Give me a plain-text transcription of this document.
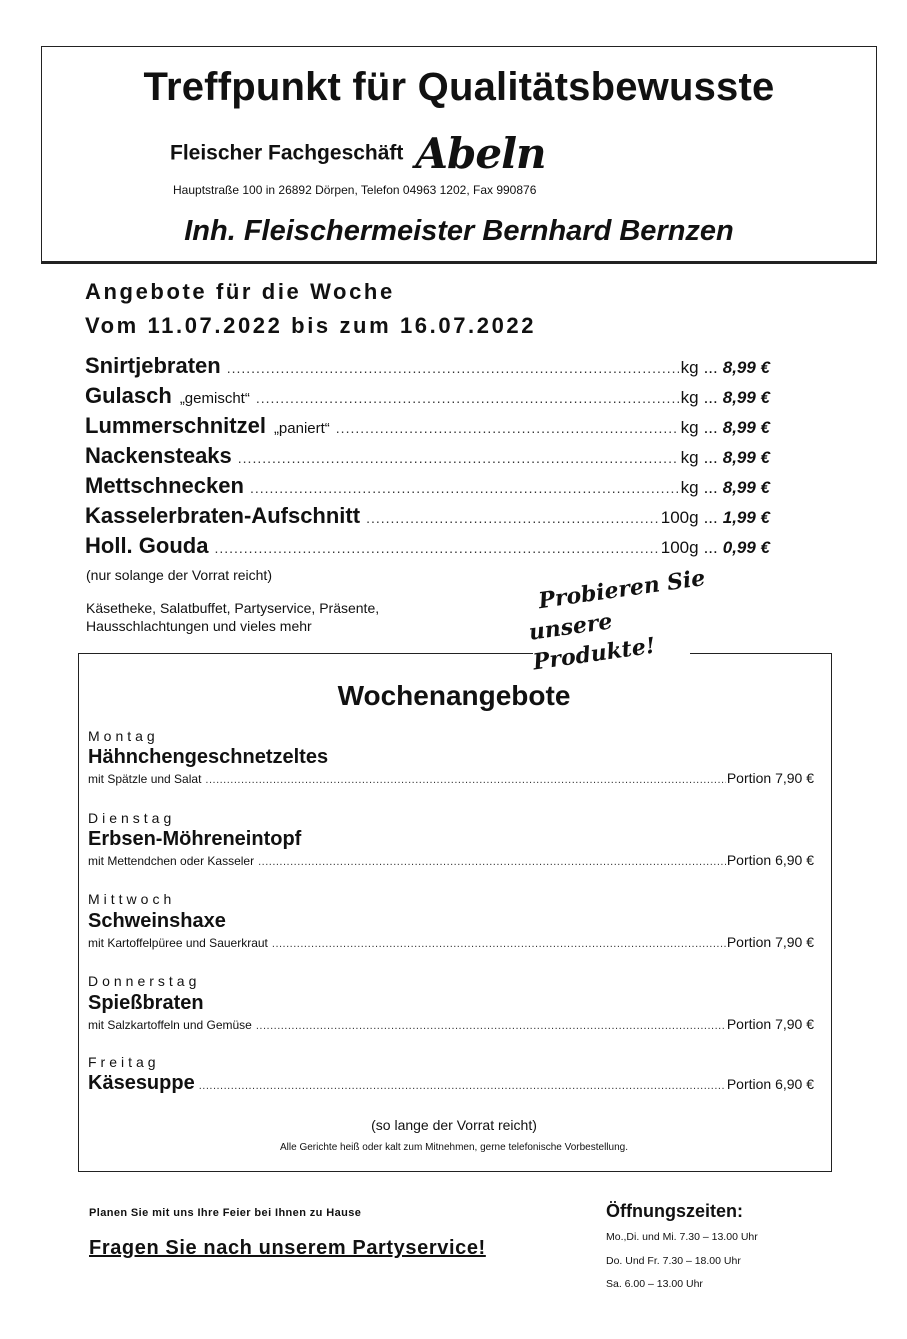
Treffpunkt für Qualitätsbewusste
Fleischer Fachgeschäft Abeln
Hauptstraße 100 in 26892 Dörpen, Telefon 04963 1202, Fax 990876
Inh. Fleischermeister Bernhard Bernzen
Angebote für die Woche
Vom 11.07.2022 bis zum 16.07.2022
Snirtjebraten .....	kg ... 8,99 €
Gulasch „gemischt“ .....	kg ... 8,99 €
Lummerschnitzel „paniert“ .....	kg ... 8,99 €
Nackensteaks .....	kg ... 8,99 €
Mettschnecken .....	kg ... 8,99 €
Kasselerbraten-Aufschnitt .....	100g ... 1,99 €
Holl. Gouda .....	100g ... 0,99 €
(nur solange der Vorrat reicht)
Käsetheke, Salatbuffet, Partyservice, Präsente,
Hausschlachtungen und vieles mehr
Probieren Sie
unsere Produkte!
Wochenangebote
Montag
Hähnchengeschnetzeltes
mit Spätzle und Salat .....	Portion 7,90 €
Dienstag
Erbsen-Möhreneintopf
mit Mettendchen oder Kasseler .....	Portion 6,90 €
Mittwoch
Schweinshaxe
mit Kartoffelpüree und Sauerkraut .....	Portion 7,90 €
Donnerstag
Spießbraten
mit Salzkartoffeln und Gemüse .....	Portion 7,90 €
Freitag
Käsesuppe .....	Portion 6,90 €
(so lange der Vorrat reicht)
Alle Gerichte heiß oder kalt zum Mitnehmen, gerne telefonische Vorbestellung.
Planen Sie mit uns Ihre Feier bei Ihnen zu Hause
Fragen Sie nach unserem Partyservice!
Öffnungszeiten:
Mo.,Di. und Mi. 7.30 – 13.00 Uhr
Do. Und Fr. 7.30 – 18.00 Uhr
Sa. 6.00 – 13.00 Uhr
